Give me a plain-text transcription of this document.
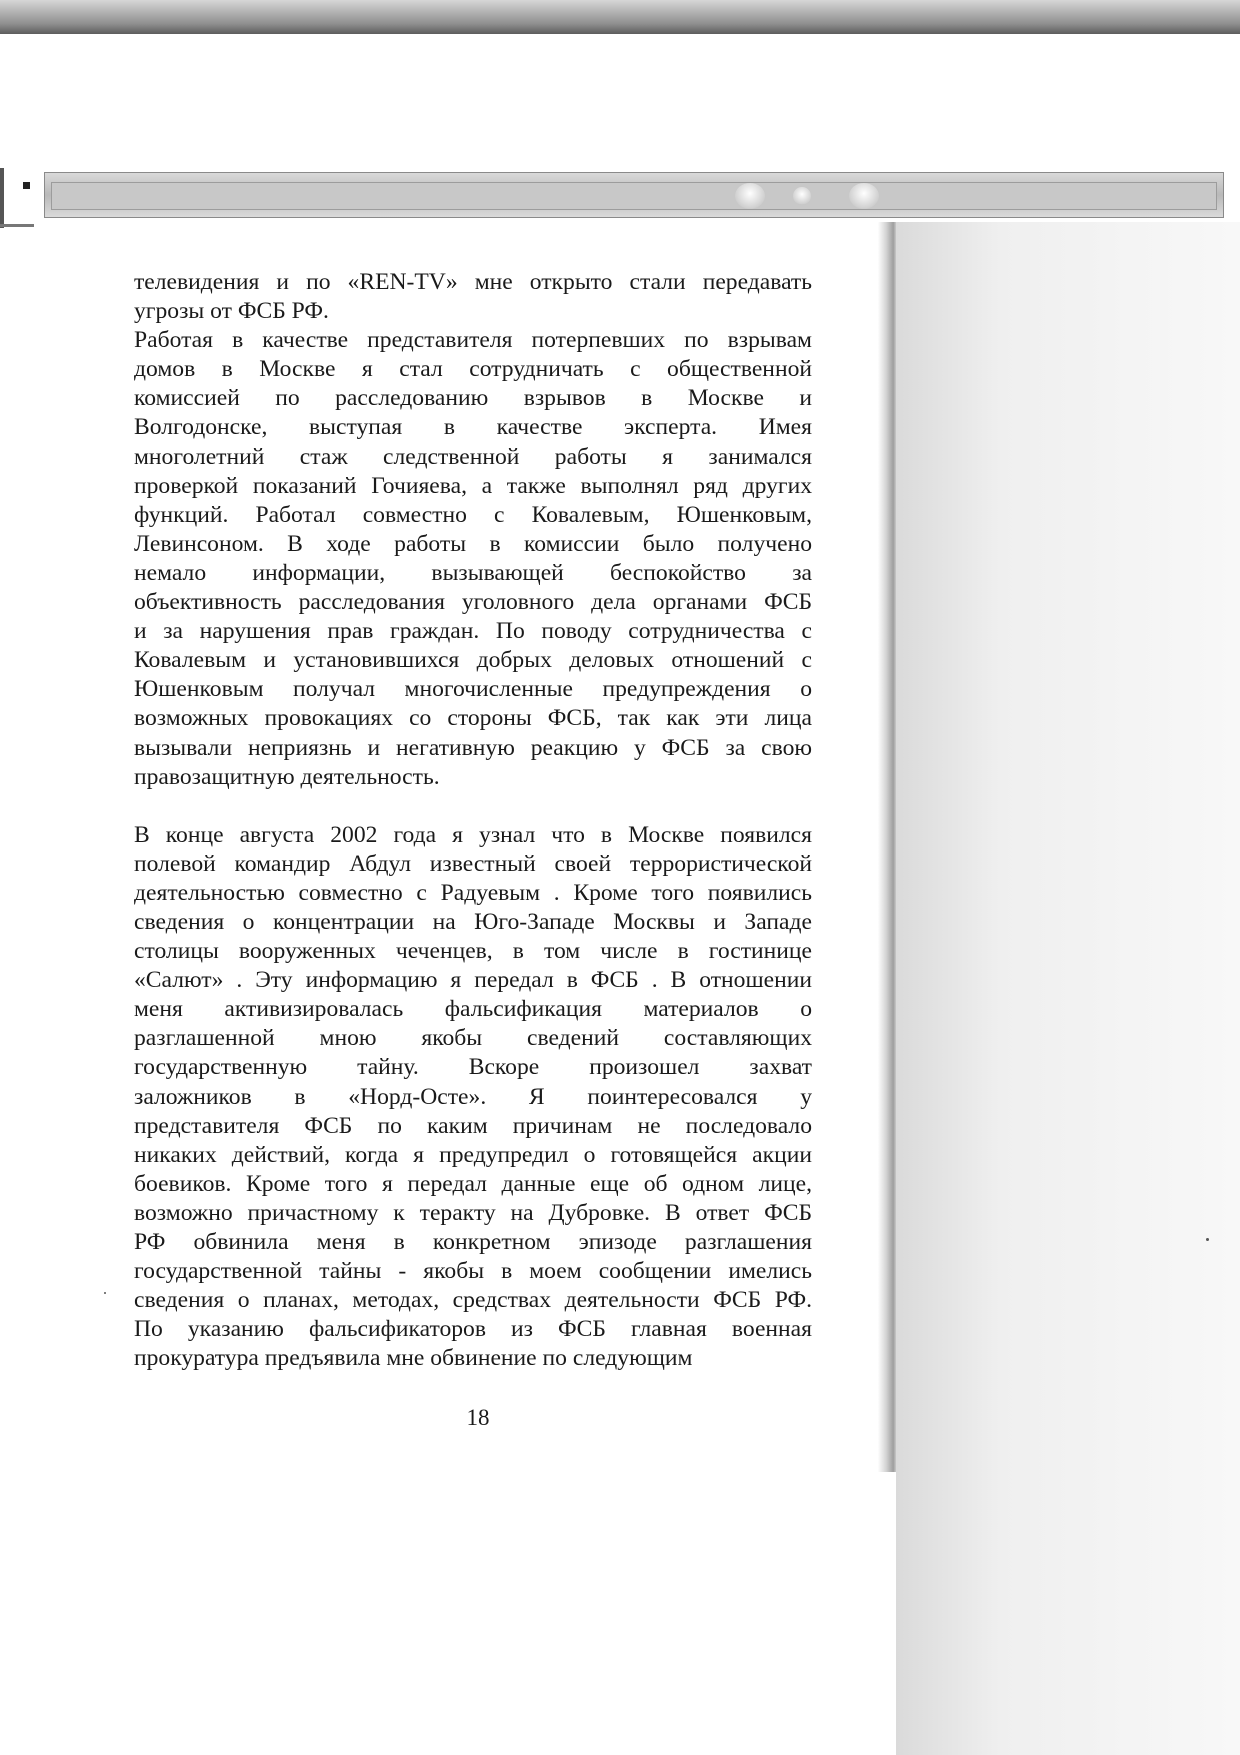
телевидения и по «REN-TV» мне открыто стали передавать
угрозы от ФСБ РФ.

Работая в качестве представителя потерпевших по взрывам
домов в Москве я стал сотрудничать с общественной
комиссией по расследованию взрывов в Москве и
Волгодонске, выступая в качестве эксперта. Имея
многолетний стаж следственной работы я занимался
проверкой показаний Гочияева, а также выполнял ряд других
функций. Работал совместно с Ковалевым, Юшенковым,
Левинсоном. В ходе работы в комиссии было получено
немало информации, вызывающей беспокойство за
объективность расследования уголовного дела органами ФСБ
и за нарушения прав граждан. По поводу сотрудничества с
Ковалевым и установившихся добрых деловых отношений с
Юшенковым получал многочисленные предупреждения о
возможных провокациях со стороны ФСБ, так как эти лица
вызывали неприязнь и негативную реакцию у ФСБ за свою
правозащитную деятельность.

В конце августа 2002 года я узнал что в Москве появился
полевой командир Абдул известный своей террористической
деятельностью совместно с Радуевым . Кроме того появились
сведения о концентрации на Юго-Западе Москвы и Западе
столицы вооруженных чеченцев, в том числе в гостинице
«Салют» . Эту информацию я передал в ФСБ . В отношении
меня активизировалась фальсификация материалов о
разглашенной мною якобы сведений составляющих
государственную тайну. Вскоре произошел захват
заложников в «Норд-Осте». Я поинтересовался у
представителя ФСБ по каким причинам не последовало
никаких действий, когда я предупредил о готовящейся акции
боевиков. Кроме того я передал данные еще об одном лице,
возможно причастному к теракту на Дубровке. В ответ ФСБ
РФ обвинила меня в конкретном эпизоде разглашения
государственной тайны - якобы в моем сообщении имелись
сведения о планах, методах, средствах деятельности ФСБ РФ.
По указанию фальсификаторов из ФСБ главная военная
прокуратура предъявила мне обвинение по следующим

18
